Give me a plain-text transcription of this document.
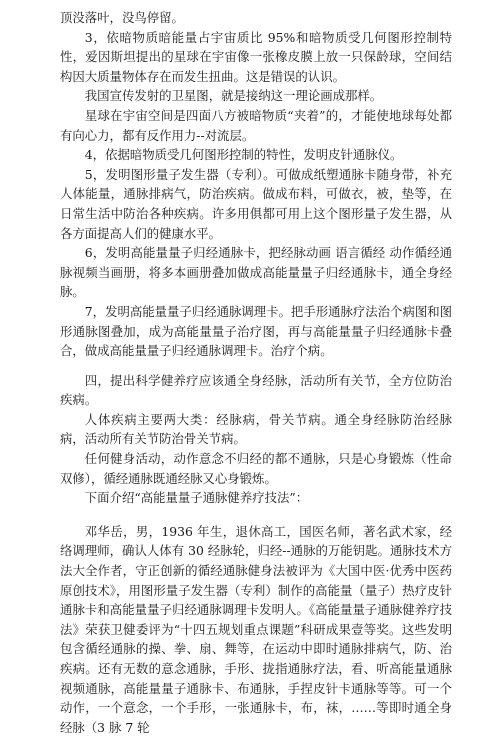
顶没落叶，没鸟停留。

3，依暗物质暗能量占宇宙质比 95%和暗物质受几何图形控制特性，爱因斯坦提出的星球在宇宙像一张橡皮膜上放一只保龄球，空间结构因大质量物体存在而发生扭曲。这是错误的认识。

我国宣传发射的卫星图，就是接纳这一理论画成那样。

星球在宇宙空间是四面八方被暗物质“夹着”的，才能使地球每处都有向心力，都有反作用力--对流层。

4，依据暗物质受几何图形控制的特性，发明皮针通脉仪。

5，发明图形量子发生器（专利）。可做成纸塑通脉卡随身带，补充人体能量，通脉排病气，防治疾病。做成布料，可做衣，被，垫等，在日常生活中防治各种疾病。许多用俱都可用上这个图形量子发生器，从各方面提高人们的健康水平。

6，发明高能量量子归经通脉卡，把经脉动画 语言循经 动作循经通脉视频当画册，将多本画册叠加做成高能量量子归经通脉卡，通全身经脉。

7，发明高能量量子归经通脉调理卡。把手形通脉疗法治个病图和图形通脉图叠加，成为高能量量子治疗图，再与高能量量子归经通脉卡叠合，做成高能量量子归经通脉调理卡。治疗个病。

四，提出科学健养疗应该通全身经脉，活动所有关节，全方位防治疾病。

人体疾病主要两大类：经脉病，骨关节病。通全身经脉防治经脉病，活动所有关节防治骨关节病。

任何健身活动，动作意念不归经的都不通脉，只是心身锻炼（性命双修），循经通脉既通经脉又心身锻炼。

下面介绍“高能量量子通脉健养疗技法”：

邓华岳，男，1936 年生，退休高工，国医名师，著名武术家，经络调理师，确认人体有 30 经脉轮，归经--通脉的万能钥匙。通脉技术方法大全作者，守正创新的循经通脉健身法被评为《大国中医·优秀中医药原创技术》，用图形量子发生器（专利）制作的高能量（量子）热疗皮针通脉卡和高能量量子归经通脉调理卡发明人。《高能量量子通脉健养疗技法》荣获卫健委评为“十四五规划重点课题”科研成果壹等奖。这些发明包含循经通脉的操、拳、扇、舞等，在运动中即时通脉排病气，防、治疾病。还有无数的意念通脉，手形、拢指通脉疗法，看、听高能量通脉视频通脉，高能量量子通脉卡、布通脉，手捏皮针卡通脉等等。可一个动作，一个意念，一个手形，一张通脉卡，布，袜，……等即时通全身经脉（3 脉 7 轮
